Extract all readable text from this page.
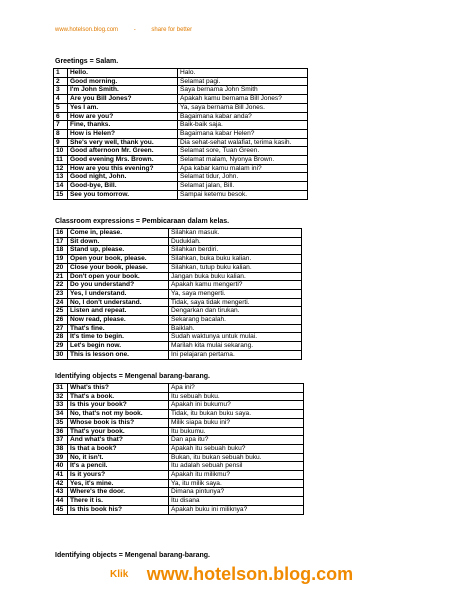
www.hotelson.blog.com	-	share for better
Greetings = Salam.
1	Hello.	Halo.
2	Good morning.	Selamat pagi.
3	I'm John Smith.	Saya bernama John Smith
4	Are you Bill Jones?	Apakah kamu bernama Bill Jones?
5	Yes I am.	Ya, saya bernama Bill Jones.
6	How are you?	Bagaimana kabar anda?
7	Fine, thanks.	Baik-baik saja.
8	How is Helen?	Bagaimana kabar Helen?
9	She's very well, thank you.	Dia sehat-sehat walafiat, terima kasih.
10	Good afternoon Mr. Green.	Selamat sore, Tuan Green.
11	Good evening Mrs. Brown.	Selamat malam, Nyonya Brown.
12	How are you this evening?	Apa kabar kamu malam ini?
13	Good night, John.	Selamat tidur, John.
14	Good-bye, Bill.	Selamat jalan, Bill.
15	See you tomorrow.	Sampai ketemu besok.
Classroom expressions = Pembicaraan dalam kelas.
16	Come in, please.	Silahkan masuk.
17	Sit down.	Duduklah.
18	Stand up, please.	Silahkan berdiri.
19	Open your book, please.	Silahkan, buka buku kalian.
20	Close your book, please.	Silahkan, tutup buku kalian.
21	Don't open your book.	Jangan buka buku kalian.
22	Do you understand?	Apakah kamu mengerti?
23	Yes, I understand.	Ya, saya mengerti.
24	No, I don't understand.	Tidak, saya tidak mengerti.
25	Listen and repeat.	Dengarkan dan tirukan.
26	Now read, please.	Sekarang bacalah.
27	That's fine.	Baiklah.
28	It's time to begin.	Sudah waktunya untuk mulai.
29	Let's begin now.	Marilah kita mulai sekarang.
30	This is lesson one.	Ini pelajaran pertama.
Identifying objects = Mengenal barang-barang.
31	What's this?	Apa ini?
32	That's a book.	Itu sebuah buku.
33	Is this your book?	Apakah ini bukumu?
34	No, that's not my book.	Tidak, itu bukan buku saya.
35	Whose book is this?	Milik siapa buku ini?
36	That's your book.	Itu bukumu.
37	And what's that?	Dan apa itu?
38	Is that a book?	Apakah itu sebuah buku?
39	No, it isn't.	Bukan, itu bukan sebuah buku.
40	It's a pencil.	Itu adalah sebuah pensil
41	Is it yours?	Apakah itu milikmu?
42	Yes, it's mine.	Ya, itu milik saya.
43	Where's the door.	Dimana pintunya?
44	There it is.	Itu disana
45	Is this book his?	Apakah buku ini miliknya?
Identifying objects = Mengenal barang-barang.
Klik www.hotelson.blog.com
